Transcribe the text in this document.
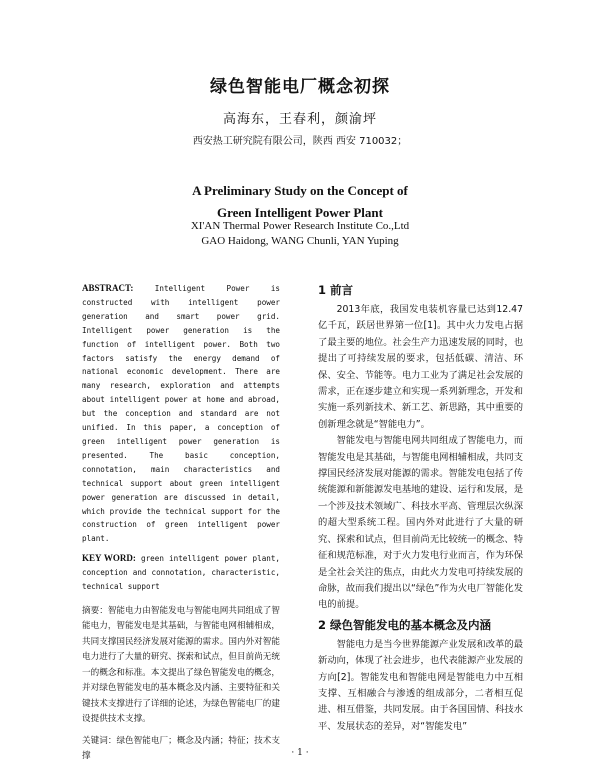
绿色智能电厂概念初探
高海东，王春利，颜渝坪
西安热工研究院有限公司，陕西 西安 710032；
A Preliminary Study on the Concept of
Green Intelligent Power Plant
XI'AN Thermal Power Research Institute Co.,Ltd
GAO Haidong, WANG Chunli, YAN Yuping

ABSTRACT: Intelligent Power is constructed with intelligent power generation and smart power grid. Intelligent power generation is the function of intelligent power. Both two factors satisfy the energy demand of national economic development. There are many research, exploration and attempts about intelligent power at home and abroad, but the conception and standard are not unified. In this paper, a conception of green intelligent power generation is presented. The basic conception, connotation, main characteristics and technical support about green intelligent power generation are discussed in detail, which provide the technical support for the construction of green intelligent power plant.

KEY WORD: green intelligent power plant, conception and connotation, characteristic, technical support

摘要：智能电力由智能发电与智能电网共同组成了智能电力，智能发电是其基础，与智能电网相辅相成，共同支撑国民经济发展对能源的需求。国内外对智能电力进行了大量的研究、探索和试点，但目前尚无统一的概念和标准。本文提出了绿色智能发电的概念，并对绿色智能发电的基本概念及内涵、主要特征和关键技术支撑进行了详细的论述，为绿色智能电厂的建设提供技术支撑。

关键词：绿色智能电厂；概念及内涵；特征；技术支撑

1 前言

2013年底，我国发电装机容量已达到12.47亿千瓦，跃居世界第一位[1]。其中火力发电占据了最主要的地位。社会生产力迅速发展的同时，也提出了可持续发展的要求，包括低碳、清洁、环保、安全、节能等。电力工业为了满足社会发展的需求，正在逐步建立和实现一系列新理念，开发和实施一系列新技术、新工艺、新思路，其中重要的创新理念就是“智能电力”。

智能发电与智能电网共同组成了智能电力，而智能发电是其基础，与智能电网相辅相成，共同支撑国民经济发展对能源的需求。智能发电包括了传统能源和新能源发电基地的建设、运行和发展，是一个涉及技术领域广、科技水平高、管理层次纵深的超大型系统工程。国内外对此进行了大量的研究、探索和试点，但目前尚无比较统一的概念、特征和规范标准，对于火力发电行业而言，作为环保是全社会关注的焦点，由此火力发电可持续发展的命脉，故而我们提出以“绿色”作为火电厂智能化发电的前提。

2 绿色智能发电的基本概念及内涵

智能电力是当今世界能源产业发展和改革的最新动向，体现了社会进步，也代表能源产业发展的方向[2]。智能发电和智能电网是智能电力中互相支撑、互相融合与渗透的组成部分，二者相互促进、相互借鉴，共同发展。由于各国国情、科技水平、发展状态的差异，对“智能发电”

· 1 ·
